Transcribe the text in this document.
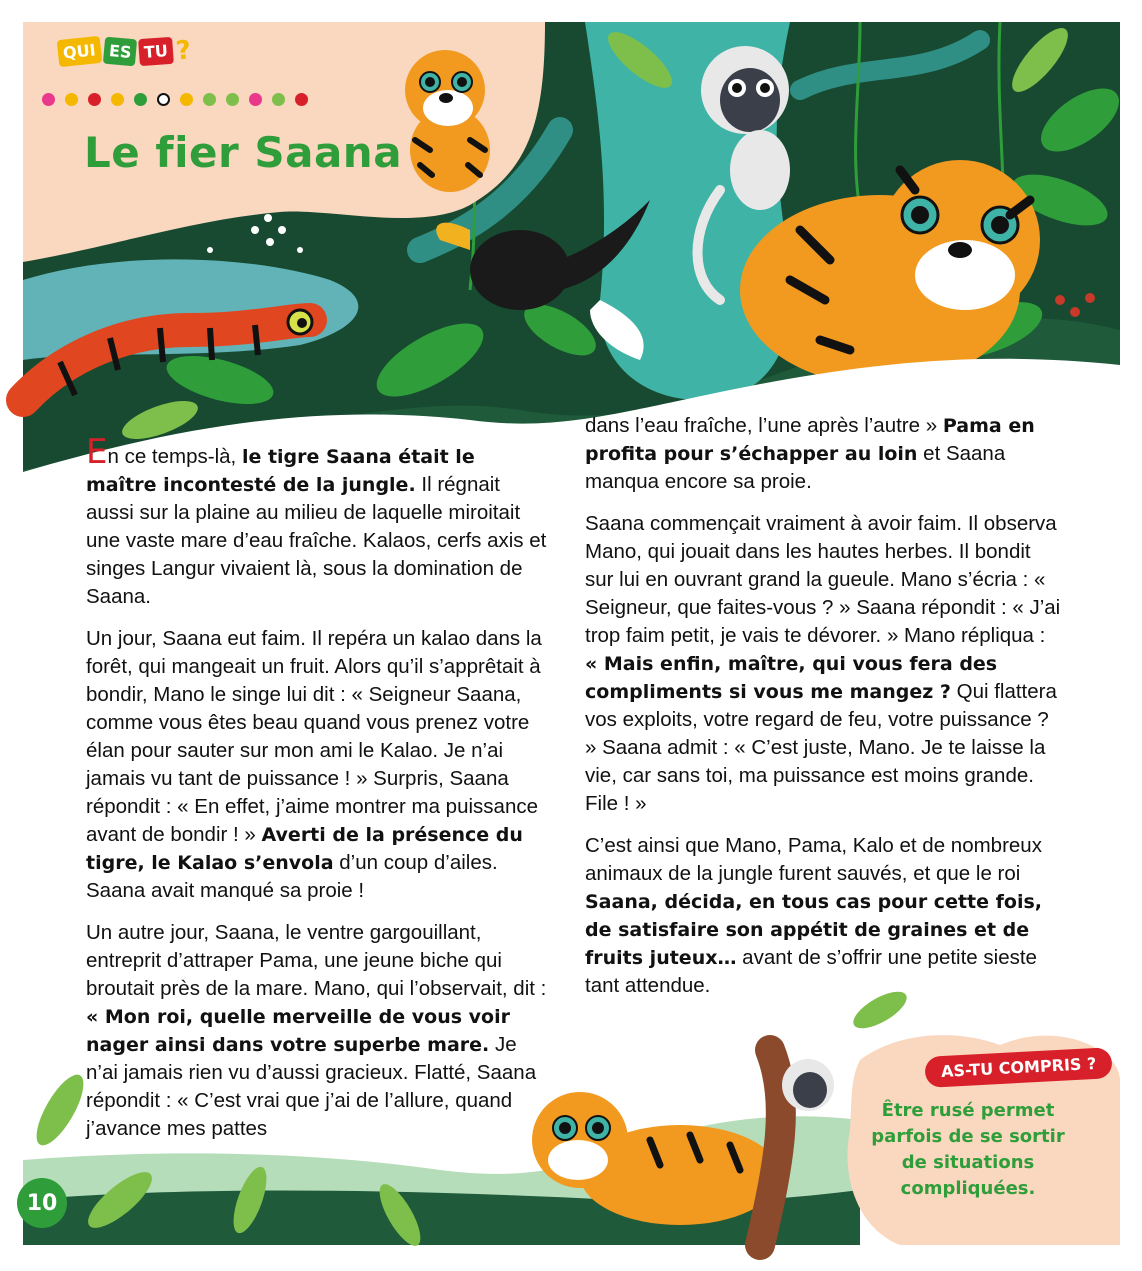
QUI ES TU ?
Le fier Saana

En ce temps-là, le tigre Saana était le maître incontesté de la jungle. Il régnait aussi sur la plaine au milieu de laquelle miroitait une vaste mare d’eau fraîche. Kalaos, cerfs axis et singes Langur vivaient là, sous la domination de Saana.

Un jour, Saana eut faim. Il repéra un kalao dans la forêt, qui mangeait un fruit. Alors qu’il s’apprêtait à bondir, Mano le singe lui dit : « Seigneur Saana, comme vous êtes beau quand vous prenez votre élan pour sauter sur mon ami le Kalao. Je n’ai jamais vu tant de puissance ! » Surpris, Saana répondit : « En effet, j’aime montrer ma puissance avant de bondir ! » Averti de la présence du tigre, le Kalao s’envola d’un coup d’ailes. Saana avait manqué sa proie !

Un autre jour, Saana, le ventre gargouillant, entreprit d’attraper Pama, une jeune biche qui broutait près de la mare. Mano, qui l’observait, dit : « Mon roi, quelle merveille de vous voir nager ainsi dans votre superbe mare. Je n’ai jamais rien vu d’aussi gracieux. Flatté, Saana répondit : « C’est vrai que j’ai de l’allure, quand j’avance mes pattes

dans l’eau fraîche, l’une après l’autre » Pama en profita pour s’échapper au loin et Saana manqua encore sa proie.

Saana commençait vraiment à avoir faim. Il observa Mano, qui jouait dans les hautes herbes. Il bondit sur lui en ouvrant grand la gueule. Mano s’écria : « Seigneur, que faites-vous ? » Saana répondit : « J’ai trop faim petit, je vais te dévorer. » Mano répliqua : « Mais enfin, maître, qui vous fera des compliments si vous me mangez ? Qui flattera vos exploits, votre regard de feu, votre puissance ? » Saana admit : « C’est juste, Mano. Je te laisse la vie, car sans toi, ma puissance est moins grande. File ! »

C’est ainsi que Mano, Pama, Kalo et de nombreux animaux de la jungle furent sauvés, et que le roi Saana, décida, en tous cas pour cette fois, de satisfaire son appétit de graines et de fruits juteux… avant de s’offrir une petite sieste tant attendue.

AS-TU COMPRIS ?
Être rusé permet parfois de se sortir de situations compliquées.
10
